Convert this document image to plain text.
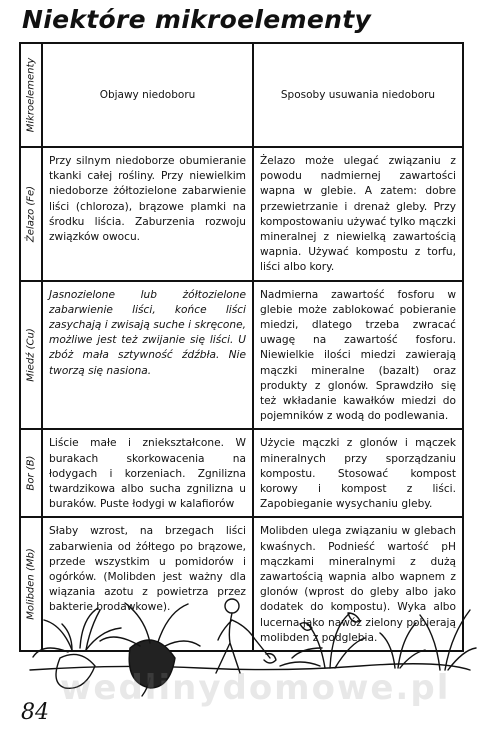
Niektóre mikroelementy
Mikroelementy	Objawy niedoboru	Sposoby usuwania niedoboru

Żelazo (Fe)	Przy silnym niedoborze obumieranie tkanki całej rośliny. Przy niewielkim niedoborze żółtozielone zabarwienie liści (chloroza), brązowe plamki na środku liścia. Zaburzenia rozwoju związków owocu.	Żelazo może ulegać związaniu z powodu nadmiernej zawartości wapna w glebie. A zatem: dobre przewietrzanie i drenaż gleby. Przy kompostowaniu używać tylko mączki mineralnej z niewielką zawartością wapnia. Używać kompostu z torfu, liści albo kory.

Miedź (Cu)	Jasnozielone lub żółtozielone zabarwienie liści, końce liści zasychają i zwisają suche i skręcone, możliwe jest też zwijanie się liści. U zbóż mała sztywność źdźbła. Nie tworzą się nasiona.	Nadmierna zawartość fosforu w glebie może zablokować pobieranie miedzi, dlatego trzeba zwracać uwagę na zawartość fosforu. Niewielkie ilości miedzi zawierają mączki mineralne (bazalt) oraz produkty z glonów. Sprawdziło się też wkładanie kawałków miedzi do pojemników z wodą do podlewania.

Bor (B)	Liście małe i zniekształcone. W burakach skorkowacenia na łodygach i korzeniach. Zgnilizna twardzikowa albo sucha zgnilizna u buraków. Puste łodygi w kalafiorów	Użycie mączki z glonów i mączek mineralnych przy sporządzaniu kompostu. Stosować kompost korowy i kompost z liści. Zapobieganie wysychaniu gleby.

Molibden (Mb)	Słaby wzrost, na brzegach liści zabarwienia od żółtego po brązowe, przede wszystkim u pomidorów i ogórków. (Molibden jest ważny dla wiązania azotu z powietrza przez bakterie brodawkowe).	Molibden ulega związaniu w glebach kwaśnych. Podnieść wartość pH mączkami mineralnymi z dużą zawartością wapnia albo wapnem z glonów (wprost do gleby albo jako dodatek do kompostu). Wyka albo lucerna jako nawóz zielony pobierają molibden z podglebia.
wedlinydomowe.pl
84
